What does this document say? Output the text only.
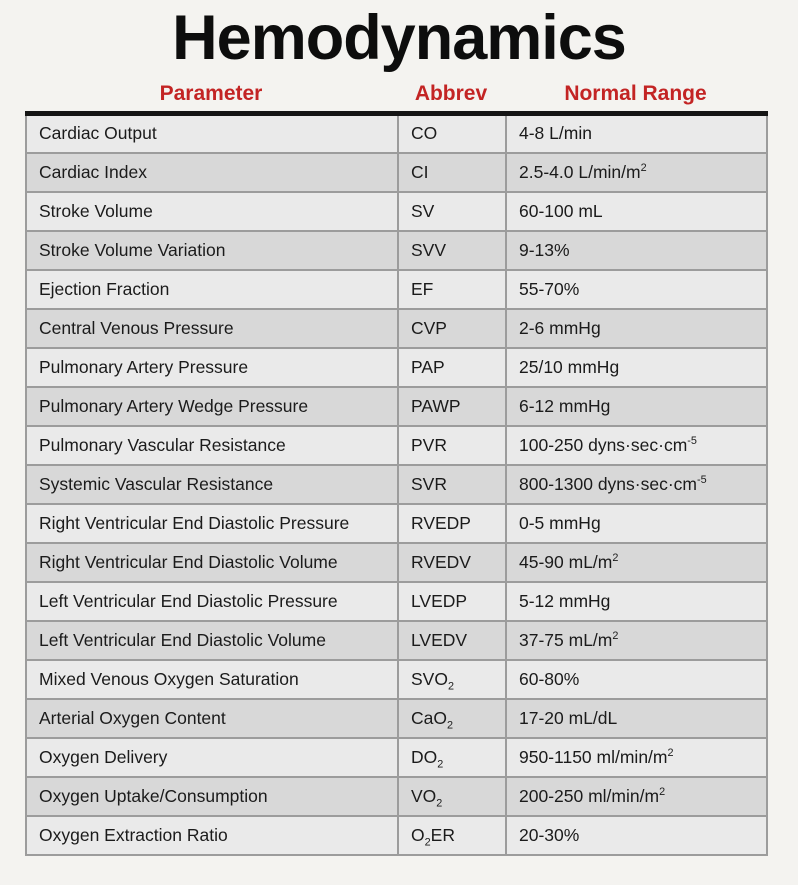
Hemodynamics
Parameter	Abbrev	Normal Range
Cardiac Output	CO	4-8 L/min
Cardiac Index	CI	2.5-4.0 $L/\min/m^2$
Stroke Volume	SV	60-100 mL
Stroke Volume Variation	SVV	9-13%
Ejection Fraction	EF	55-70%
Central Venous Pressure	CVP	2-6 mmHg
Pulmonary Artery Pressure	PAP	25/10 mmHg
Pulmonary Artery Wedge Pressure	PAWP	6-12 mmHg
Pulmonary Vascular Resistance	PVR	100-250 $dyns\cdot\sec\cdot cm^{-5}$
Systemic Vascular Resistance	SVR	800-1300 $dyns\cdot\sec\cdot cm^{-5}$
Right Ventricular End Diastolic Pressure	RVEDP	0-5 mmHg
Right Ventricular End Diastolic Volume	RVEDV	45-90 $mL/m^2$
Left Ventricular End Diastolic Pressure	LVEDP	5-12 mmHg
Left Ventricular End Diastolic Volume	LVEDV	37-75 $mL/m^2$
Mixed Venous Oxygen Saturation	$SVO_2$	60-80%
Arterial Oxygen Content	CaO$_2$	17-20 mL/dL
Oxygen Delivery	$DO_2$	950-1150 $ml/\min/m^2$
Oxygen Uptake/Consumption	$VO_2$	200-250 $ml/\min/m^2$
Oxygen Extraction Ratio	$O_2ER$	20-30%
